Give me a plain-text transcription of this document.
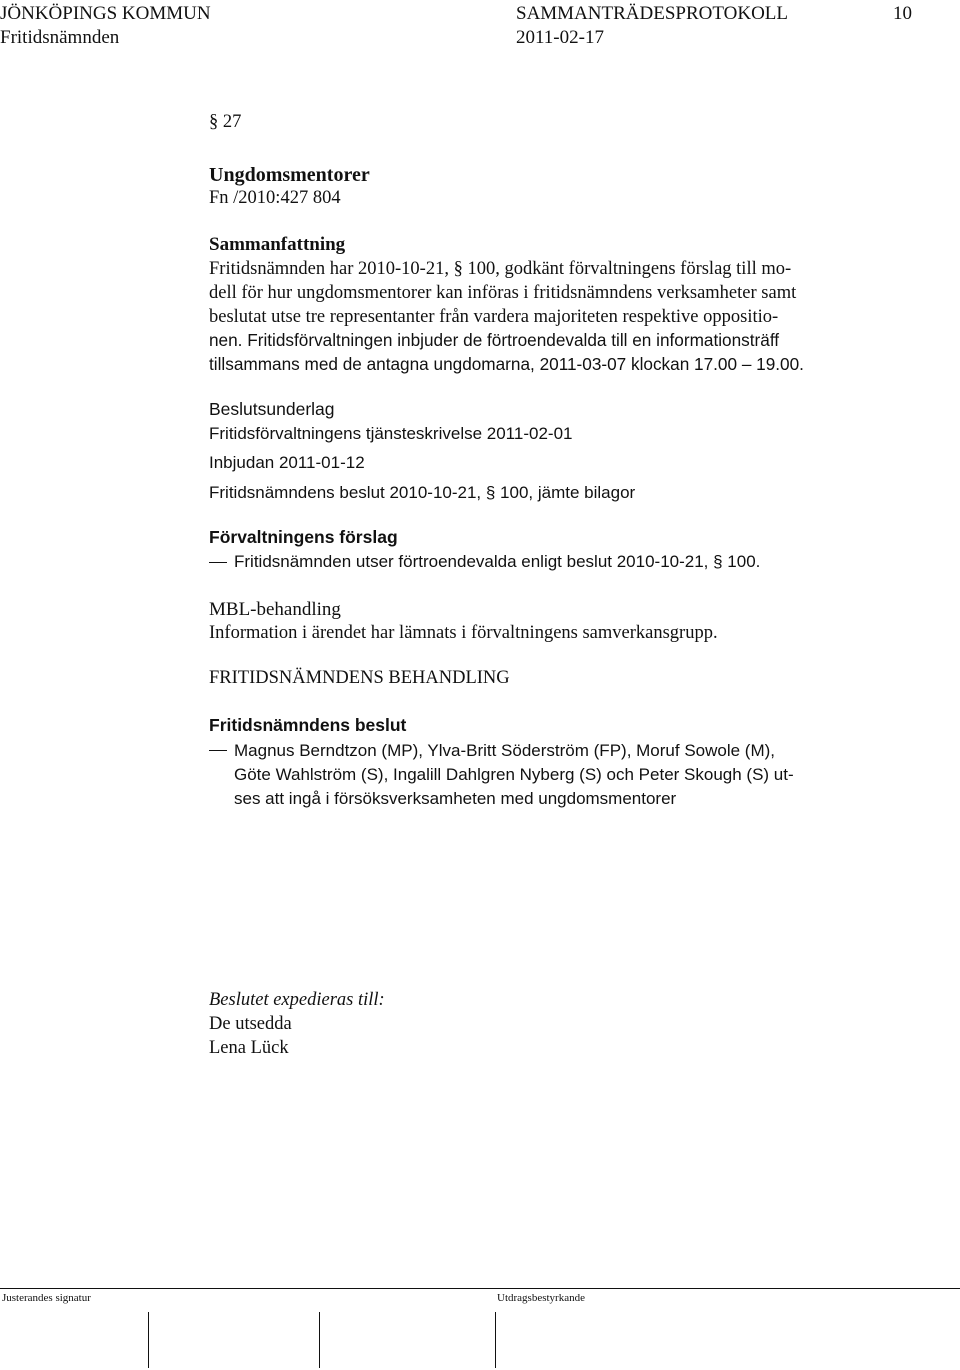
JÖNKÖPINGS KOMMUN	SAMMANTRÄDESPROTOKOLL	10
Fritidsnämnden	2011-02-17
§ 27
Ungdomsmentorer
Fn /2010:427 804
Sammanfattning
Fritidsnämnden har 2010-10-21, § 100, godkänt förvaltningens förslag till mo-
dell för hur ungdomsmentorer kan införas i fritidsnämndens verksamheter samt
beslutat utse tre representanter från vardera majoriteten respektive oppositio-
nen. Fritidsförvaltningen inbjuder de förtroendevalda till en informationsträff
tillsammans med de antagna ungdomarna, 2011-03-07 klockan 17.00 – 19.00.
Beslutsunderlag
Fritidsförvaltningens tjänsteskrivelse 2011-02-01
Inbjudan 2011-01-12
Fritidsnämndens beslut 2010-10-21, § 100, jämte bilagor
Förvaltningens förslag
Fritidsnämnden utser förtroendevalda enligt beslut 2010-10-21, § 100.
MBL-behandling
Information i ärendet har lämnats i förvaltningens samverkansgrupp.
FRITIDSNÄMNDENS BEHANDLING
Fritidsnämndens beslut
Magnus Berndtzon (MP), Ylva-Britt Söderström (FP), Moruf Sowole (M),
Göte Wahlström (S), Ingalill Dahlgren Nyberg (S) och Peter Skough (S) ut-
ses att ingå i försöksverksamheten med ungdomsmentorer
Beslutet expedieras till:
De utsedda
Lena Lück
Justerandes signatur	Utdragsbestyrkande
